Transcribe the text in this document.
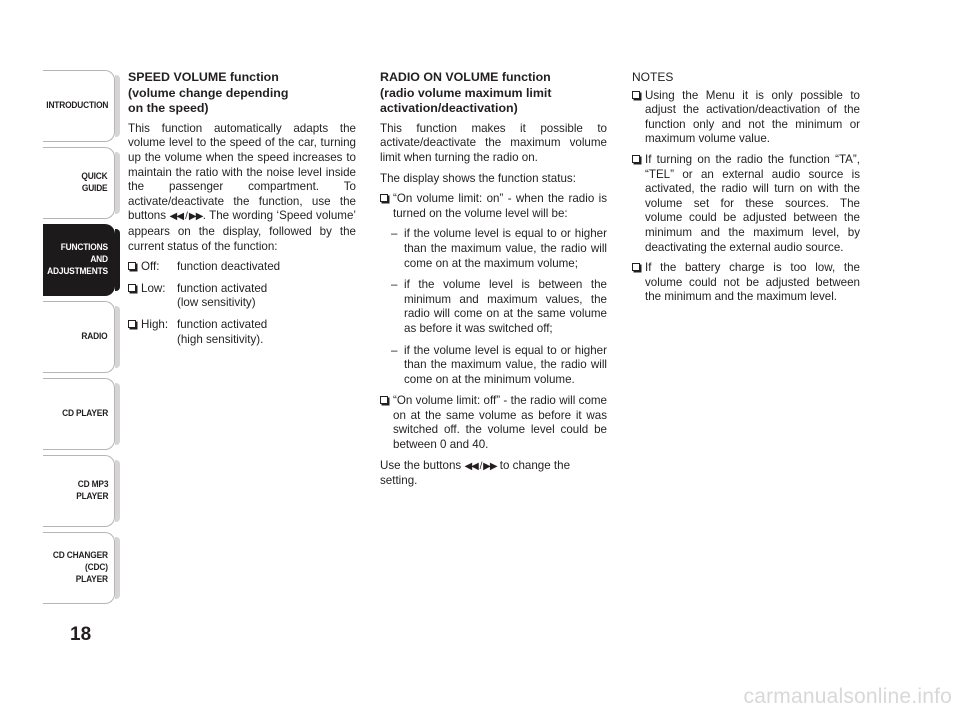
INTRODUCTION
QUICK
GUIDE
FUNCTIONS
AND
ADJUSTMENTS
RADIO
CD PLAYER
CD MP3
PLAYER
CD CHANGER
(CDC) PLAYER
18
SPEED VOLUME function
(volume change depending
on the speed)

This function automatically adapts the volume level to the speed of the car, turning up the volume when the speed increases to maintain the ratio with the noise level inside the passenger compartment. To activate/deactivate the function, use the buttons ◀◀ / ▶▶. The wording ‘Speed volume’ appears on the display, followed by the current status of the function:

Off: function deactivated
Low: function activated
(low sensitivity)
High: function activated
(high sensitivity).
RADIO ON VOLUME function
(radio volume maximum limit
activation/deactivation)

This function makes it possible to activate/deactivate the maximum volume limit when turning the radio on.

The display shows the function status:

“On volume limit: on” - when the radio is turned on the volume level will be:
– if the volume level is equal to or higher than the maximum value, the radio will come on at the maximum volume;
– if the volume level is between the minimum and maximum values, the radio will come on at the same volume as before it was switched off;
– if the volume level is equal to or higher than the maximum value, the radio will come on at the minimum volume.
“On volume limit: off” - the radio will come on at the same volume as before it was switched off. the volume level could be between 0 and 40.

Use the buttons ◀◀ / ▶▶ to change the setting.

NOTES
Using the Menu it is only possible to adjust the activation/deactivation of the function only and not the minimum or maximum volume value.
If turning on the radio the function “TA”, “TEL” or an external audio source is activated, the radio will turn on with the volume set for these sources. The volume could be adjusted between the minimum and the maximum level, by deactivating the external audio source.
If the battery charge is too low, the volume could not be adjusted between the minimum and the maximum level.
carmanualsonline.info
